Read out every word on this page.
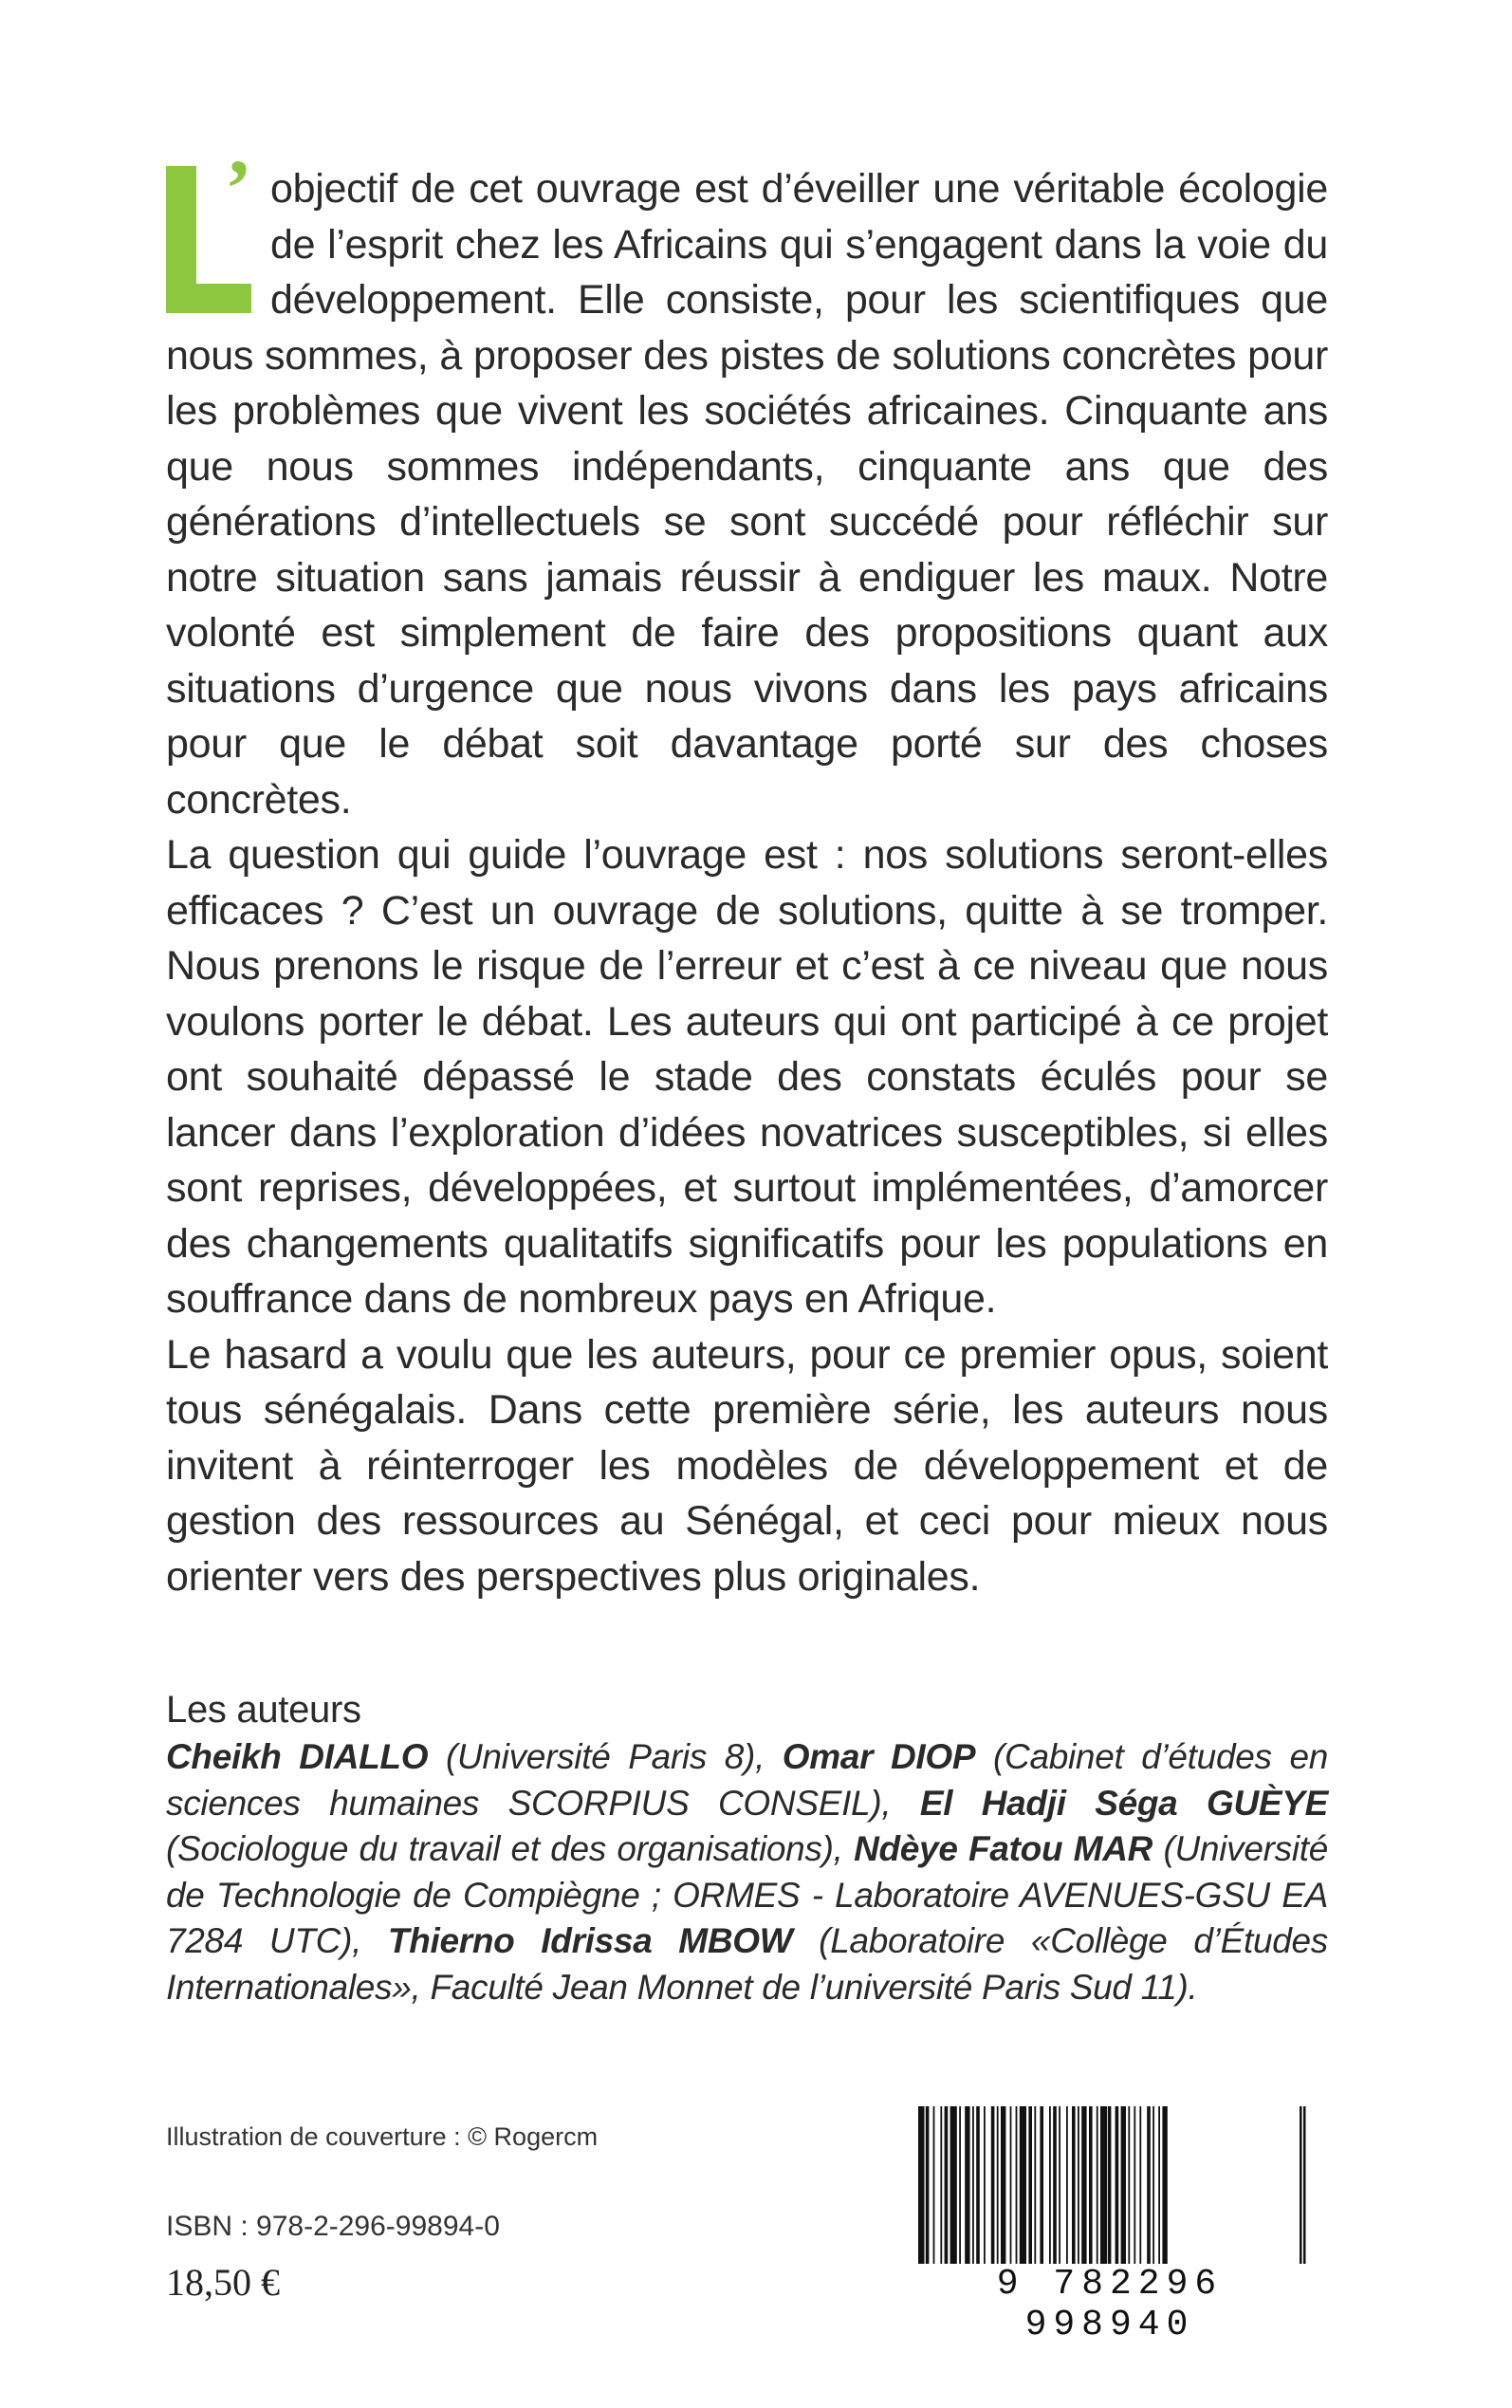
’ objectif de cet ouvrage est d’éveiller une véritable écologie de l’esprit chez les Africains qui s’engagent dans la voie du développement. Elle consiste, pour les scientifiques que nous sommes, à proposer des pistes de solutions concrètes pour les problèmes que vivent les sociétés africaines. Cinquante ans que nous sommes indépendants, cinquante ans que des générations d’intellectuels se sont succédé pour réfléchir sur notre situation sans jamais réussir à endiguer les maux. Notre volonté est simplement de faire des propositions quant aux situations d’urgence que nous vivons dans les pays africains pour que le débat soit davantage porté sur des choses concrètes.

La question qui guide l’ouvrage est : nos solutions seront-elles efficaces ? C’est un ouvrage de solutions, quitte à se tromper. Nous prenons le risque de l’erreur et c’est à ce niveau que nous voulons porter le débat. Les auteurs qui ont participé à ce projet ont souhaité dépassé le stade des constats éculés pour se lancer dans l’exploration d’idées novatrices susceptibles, si elles sont reprises, développées, et surtout implémentées, d’amorcer des changements qualitatifs significatifs pour les populations en souffrance dans de nombreux pays en Afrique.

Le hasard a voulu que les auteurs, pour ce premier opus, soient tous sénégalais. Dans cette première série, les auteurs nous invitent à réinterroger les modèles de développement et de gestion des ressources au Sénégal, et ceci pour mieux nous orienter vers des perspectives plus originales.

Les auteurs
Cheikh DIALLO (Université Paris 8), Omar DIOP (Cabinet d’études en sciences humaines SCORPIUS CONSEIL), El Hadji Séga GUÈYE (Sociologue du travail et des organisations), Ndèye Fatou MAR (Université de Technologie de Compiègne ; ORMES - Laboratoire AVENUES-GSU EA 7284 UTC), Thierno Idrissa MBOW (Laboratoire «Collège d’Études Internationales», Faculté Jean Monnet de l’université Paris Sud 11).
Illustration de couverture : © Rogercm
ISBN : 978-2-296-99894-0
18,50 €	9 782296 998940
